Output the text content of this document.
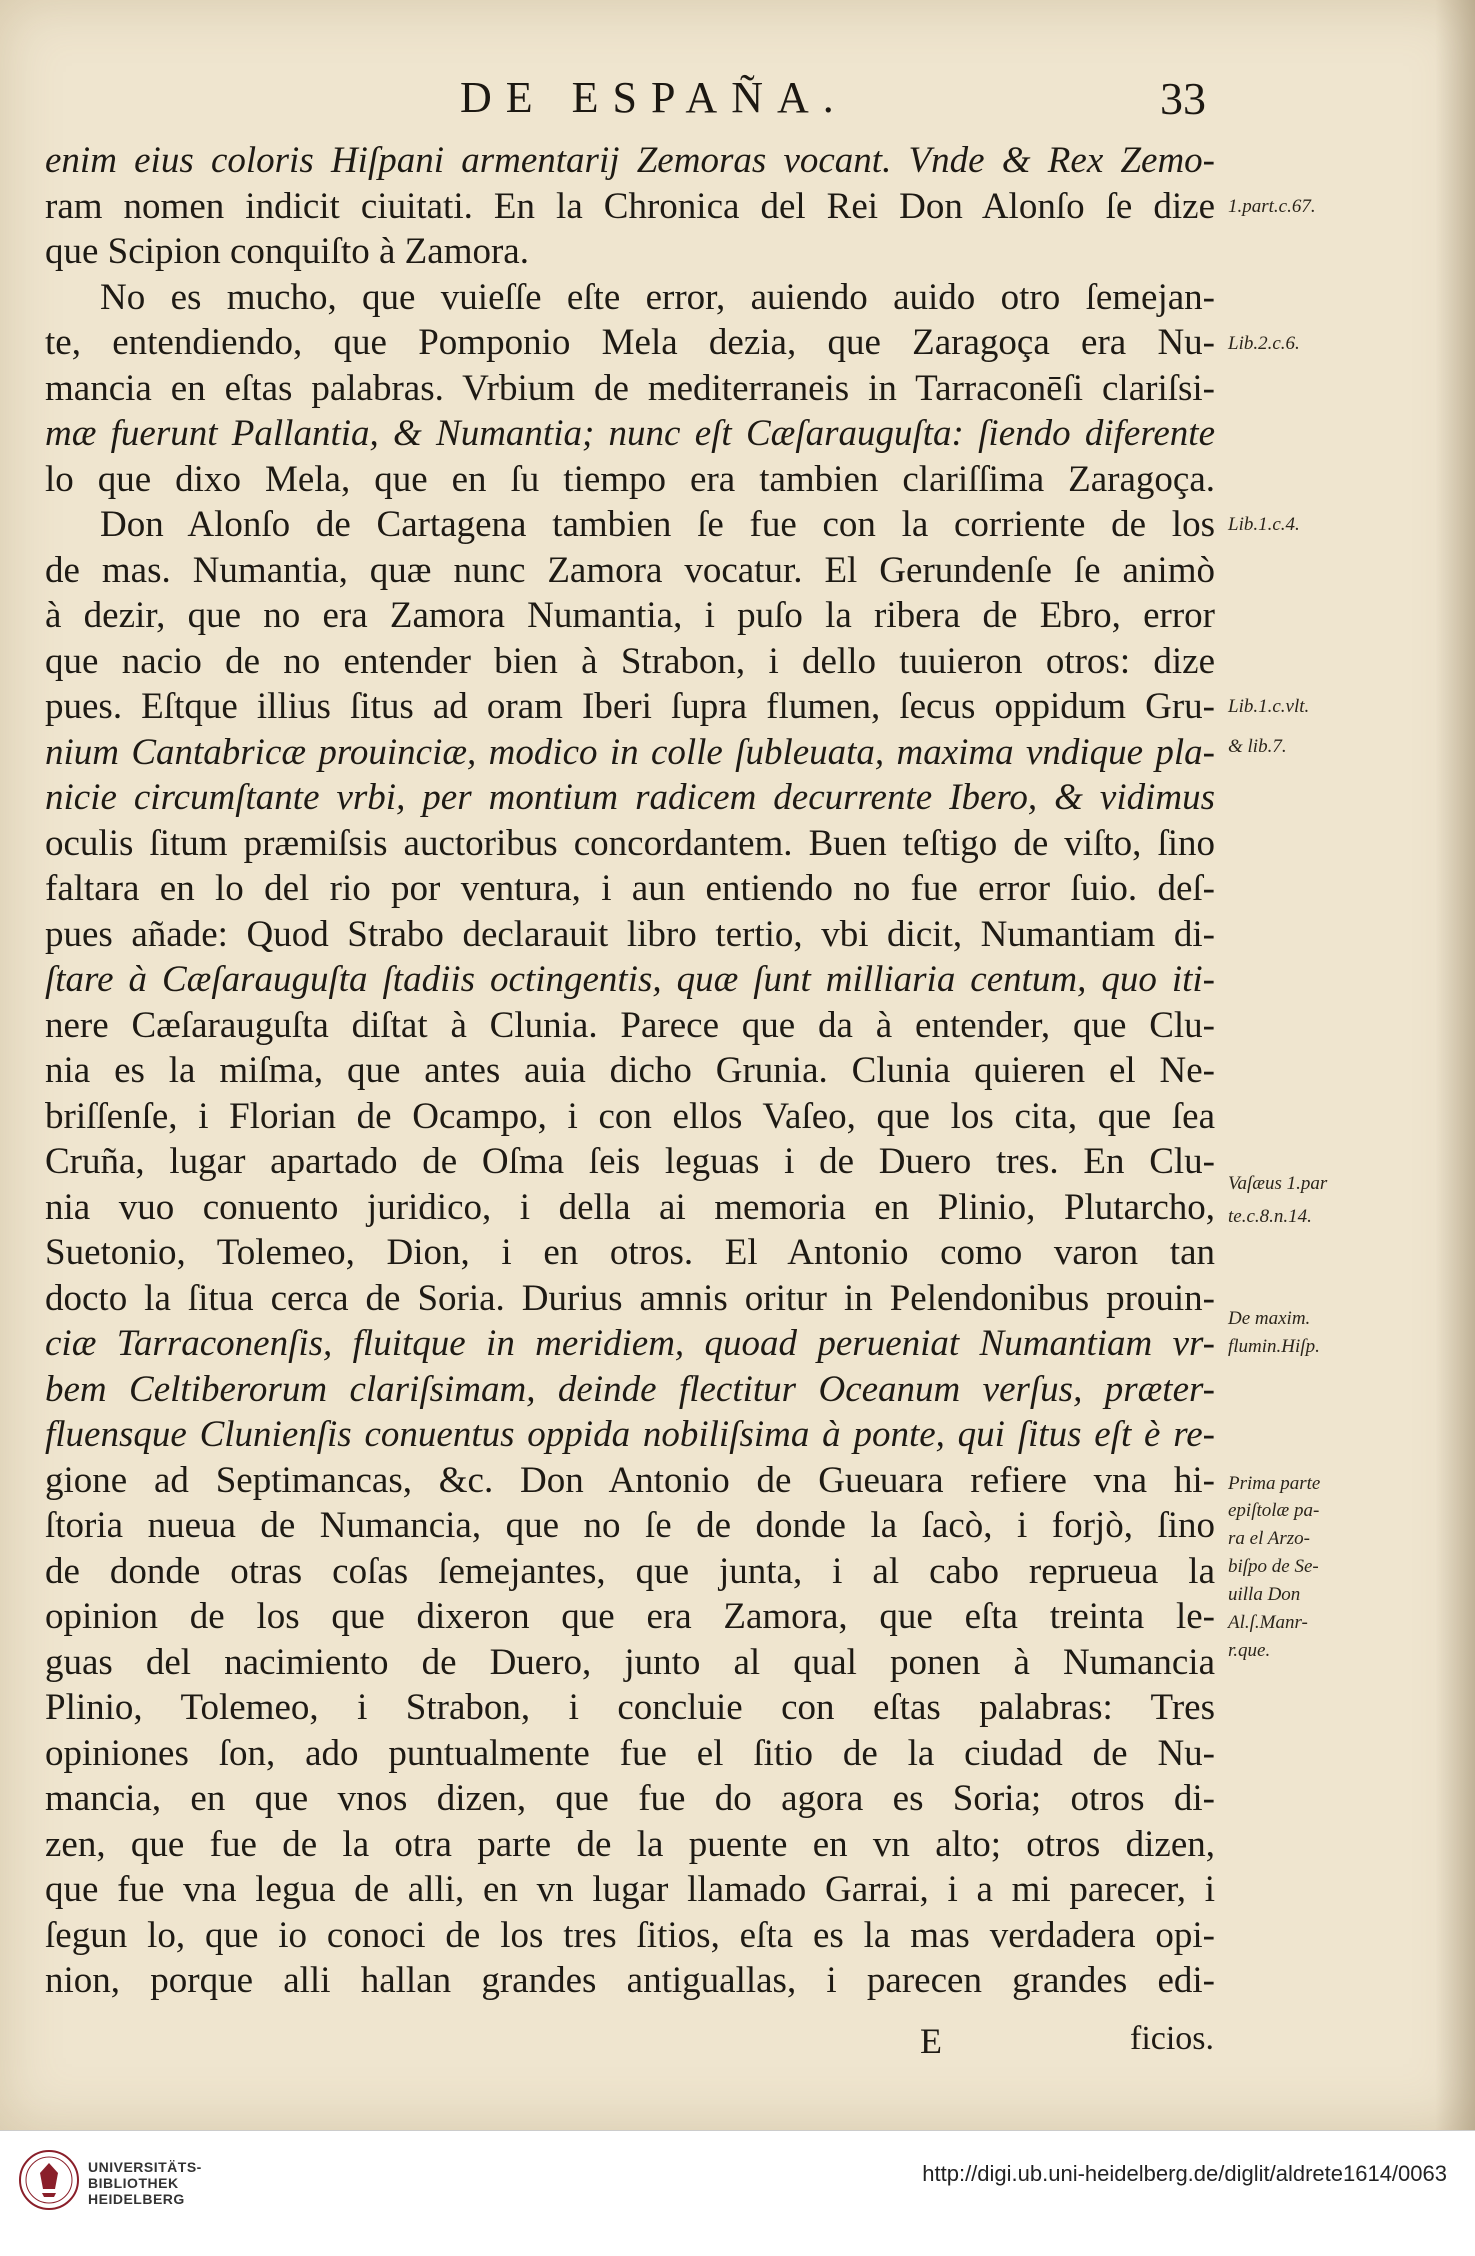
DE ESPAÑA.	33
enim eius coloris Hiſpani armentarij Zemoras vocant. Vnde & Rex Zemo-
ram nomen indicit ciuitati. En la Chronica del Rei Don Alonſo ſe dize
que Scipion conquiſto à Zamora.
No es mucho, que vuieſſe eſte error, auiendo auido otro ſemejan-
te, entendiendo, que Pomponio Mela dezia, que Zaragoça era Nu-
mancia en eſtas palabras. Vrbium de mediterraneis in Tarraconēſi clariſsi-
mæ fuerunt Pallantia, & Numantia; nunc eſt Cæſarauguſta: ſiendo diferente
lo que dixo Mela, que en ſu tiempo era tambien clariſſima Zaragoça.
Don Alonſo de Cartagena tambien ſe fue con la corriente de los
de mas. Numantia, quæ nunc Zamora vocatur. El Gerundenſe ſe animò
à dezir, que no era Zamora Numantia, i puſo la ribera de Ebro, error
que nacio de no entender bien à Strabon, i dello tuuieron otros: dize
pues. Eſtque illius ſitus ad oram Iberi ſupra flumen, ſecus oppidum Gru-
nium Cantabricæ prouinciæ, modico in colle ſubleuata, maxima vndique pla-
nicie circumſtante vrbi, per montium radicem decurrente Ibero, & vidimus
oculis ſitum præmiſsis auctoribus concordantem. Buen teſtigo de viſto, ſino
faltara en lo del rio por ventura, i aun entiendo no fue error ſuio. deſ-
pues añade: Quod Strabo declarauit libro tertio, vbi dicit, Numantiam di-
ſtare à Cæſarauguſta ſtadiis octingentis, quæ ſunt milliaria centum, quo iti-
nere Cæſarauguſta diſtat à Clunia. Parece que da à entender, que Clu-
nia es la miſma, que antes auia dicho Grunia. Clunia quieren el Ne-
briſſenſe, i Florian de Ocampo, i con ellos Vaſeo, que los cita, que ſea
Cruña, lugar apartado de Oſma ſeis leguas i de Duero tres. En Clu-
nia vuo conuento juridico, i della ai memoria en Plinio, Plutarcho,
Suetonio, Tolemeo, Dion, i en otros. El Antonio como varon tan
docto la ſitua cerca de Soria. Durius amnis oritur in Pelendonibus prouin-
ciæ Tarraconenſis, fluitque in meridiem, quoad perueniat Numantiam vr-
bem Celtiberorum clariſsimam, deinde flectitur Oceanum verſus, præter-
fluensque Clunienſis conuentus oppida nobiliſsima à ponte, qui ſitus eſt è re-
gione ad Septimancas, &c. Don Antonio de Gueuara refiere vna hi-
ſtoria nueua de Numancia, que no ſe de donde la ſacò, i forjò, ſino
de donde otras coſas ſemejantes, que junta, i al cabo reprueua la
opinion de los que dixeron que era Zamora, que eſta treinta le-
guas del nacimiento de Duero, junto al qual ponen à Numancia
Plinio, Tolemeo, i Strabon, i concluie con eſtas palabras: Tres
opiniones ſon, ado puntualmente fue el ſitio de la ciudad de Nu-
mancia, en que vnos dizen, que fue do agora es Soria; otros di-
zen, que fue de la otra parte de la puente en vn alto; otros dizen,
que fue vna legua de alli, en vn lugar llamado Garrai, i a mi parecer, i
ſegun lo, que io conoci de los tres ſitios, eſta es la mas verdadera opi-
nion, porque alli hallan grandes antiguallas, i parecen grandes edi-
1.part.c.67.
Lib.2.c.6.
Lib.1.c.4.
Lib.1.c.vlt.
& lib.7.
Vaſæus 1.par
te.c.8.n.14.
De maxim.
flumin.Hiſp.
Prima parte
epiſtolæ pa-
ra el Arzo-
biſpo de Se-
uilla Don
Al.ſ.Manr-
r.que.
E	ficios.
UNIVERSITÄTS-
BIBLIOTHEK
HEIDELBERG
http://digi.ub.uni-heidelberg.de/diglit/aldrete1614/0063
